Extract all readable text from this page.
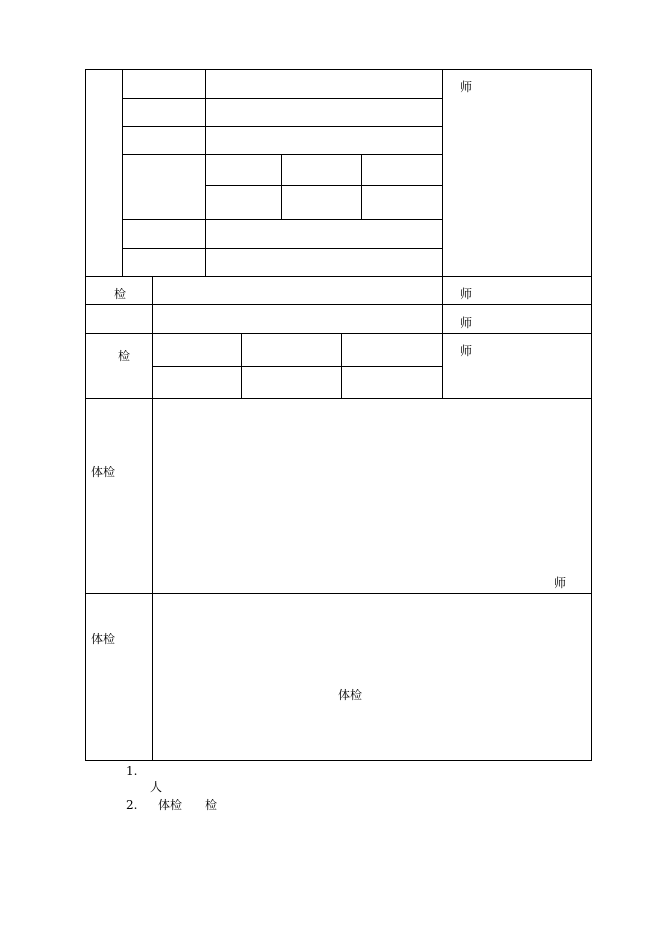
师
检	师
师
检	师
体检
师
体检
体检
1.
人
2. 体检 检
